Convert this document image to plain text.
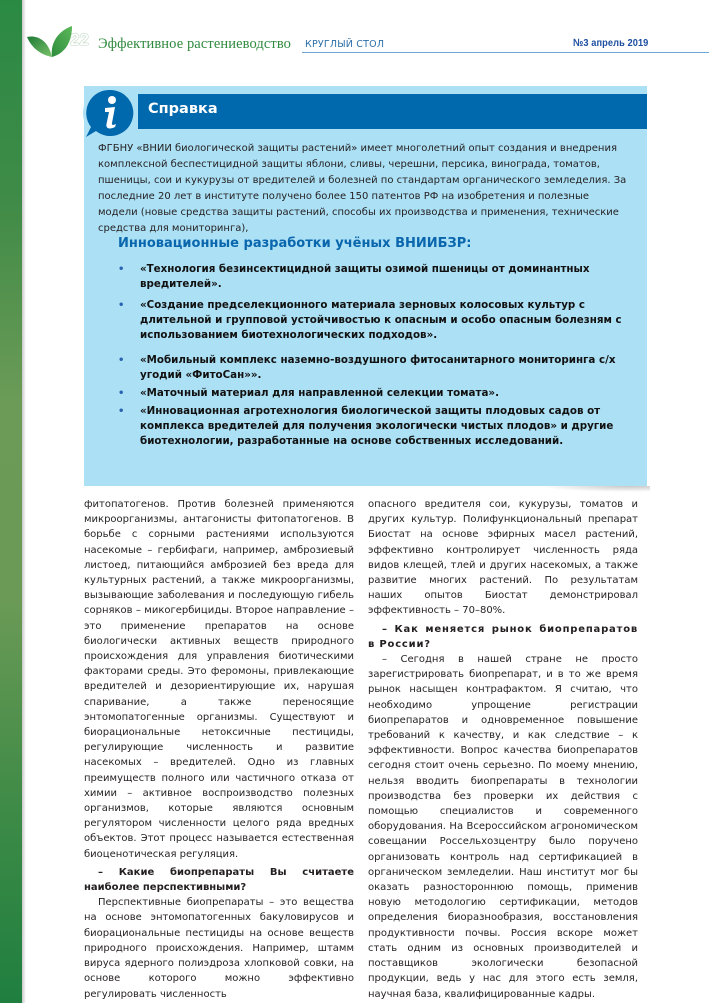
22 Эффективное растениеводство КРУГЛЫЙ СТОЛ	№3 апрель 2019
Справка
ФГБНУ «ВНИИ биологической защиты растений» имеет многолетний опыт создания и внедрения комплексной беспестицидной защиты яблони, сливы, черешни, персика, винограда, томатов, пшеницы, сои и кукурузы от вредителей и болезней по стандартам органического земледелия. За последние 20 лет в институте получено более 150 патентов РФ на изобретения и полезные модели (новые средства защиты растений, способы их производства и применения, технические средства для мониторинга),
Инновационные разработки учёных ВНИИБЗР:
• «Технология безинсектицидной защиты озимой пшеницы от доминантных вредителей».
• «Создание предселекционного материала зерновых колосовых культур с длительной и групповой устойчивостью к опасным и особо опасным болезням с использованием биотехнологических подходов».
• «Мобильный комплекс наземно-воздушного фитосанитарного мониторинга с/х угодий «ФитоСан»».
• «Маточный материал для направленной селекции томата».
• «Инновационная агротехнология биологической защиты плодовых садов от комплекса вредителей для получения экологически чистых плодов» и другие биотехнологии, разработанные на основе собственных исследований.

фитопатогенов. Против болезней применяются микроорганизмы, антагонисты фитопатогенов. В борьбе с сорными растениями используются насекомые – гербифаги, например, амброзиевый листоед, питающийся амброзией без вреда для культурных растений, а также микроорганизмы, вызывающие заболевания и последующую гибель сорняков – микогербициды. Второе направление – это применение препаратов на основе биологически активных веществ природного происхождения для управления биотическими факторами среды. Это феромоны, привлекающие вредителей и дезориентирующие их, нарушая спаривание, а также переносящие энтомопатогенные организмы. Существуют и биорациональные нетоксичные пестициды, регулирующие численность и развитие насекомых – вредителей. Одно из главных преимуществ полного или частичного отказа от химии – активное воспроизводство полезных организмов, которые являются основным регулятором численности целого ряда вредных объектов. Этот процесс называется естественная биоценотическая регуляция.

– Какие биопрепараты Вы считаете наиболее перспективными?

Перспективные биопрепараты – это вещества на основе энтомопатогенных бакуловирусов и биорациональные пестициды на основе веществ природного происхождения. Например, штамм вируса ядерного полиэдроза хлопковой совки, на основе которого можно эффективно регулировать численность

опасного вредителя сои, кукурузы, томатов и других культур. Полифункциональный препарат Биостат на основе эфирных масел растений, эффективно контролирует численность ряда видов клещей, тлей и других насекомых, а также развитие многих растений. По результатам наших опытов Биостат демонстрировал эффективность – 70–80%.

– Как меняется рынок биопрепаратов в России?

– Сегодня в нашей стране не просто зарегистрировать биопрепарат, и в то же время рынок насыщен контрафактом. Я считаю, что необходимо упрощение регистрации биопрепаратов и одновременное повышение требований к качеству, и как следствие – к эффективности. Вопрос качества биопрепаратов сегодня стоит очень серьезно. По моему мнению, нельзя вводить биопрепараты в технологии производства без проверки их действия с помощью специалистов и современного оборудования. На Всероссийском агрономическом совещании Россельхозцентру было поручено организовать контроль над сертификацией в органическом земледелии. Наш институт мог бы оказать разностороннюю помощь, применив новую методологию сертификации, методов определения биоразнообразия, восстановления продуктивности почвы. Россия вскоре может стать одним из основных производителей и поставщиков экологически безопасной продукции, ведь у нас для этого есть земля, научная база, квалифицированные кадры.
